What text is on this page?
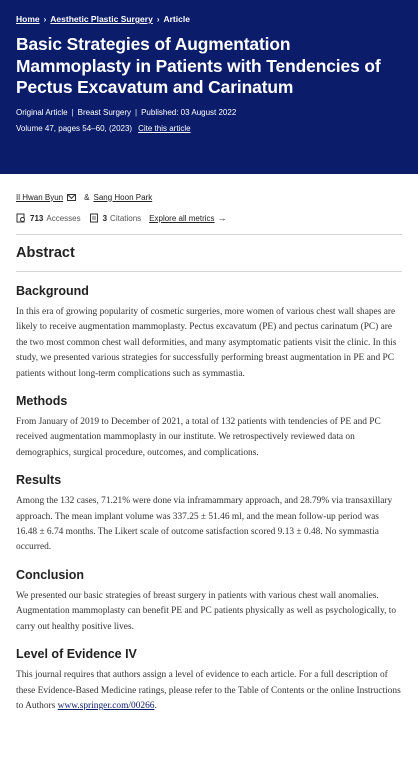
Home › Aesthetic Plastic Surgery › Article
Basic Strategies of Augmentation Mammoplasty in Patients with Tendencies of Pectus Excavatum and Carinatum
Original Article | Breast Surgery | Published: 03 August 2022
Volume 47, pages 54–60, (2023) Cite this article
Il Hwan Byun	& Sang Hoon Park
713 Accesses	3 Citations Explore all metrics →
Abstract
Background

In this era of growing popularity of cosmetic surgeries, more women of various chest wall shapes are likely to receive augmentation mammoplasty. Pectus excavatum (PE) and pectus carinatum (PC) are the two most common chest wall deformities, and many asymptomatic patients visit the clinic. In this study, we presented various strategies for successfully performing breast augmentation in PE and PC patients without long-term complications such as symmastia.

Methods

From January of 2019 to December of 2021, a total of 132 patients with tendencies of PE and PC received augmentation mammoplasty in our institute. We retrospectively reviewed data on demographics, surgical procedure, outcomes, and complications.

Results

Among the 132 cases, 71.21% were done via inframammary approach, and 28.79% via transaxillary approach. The mean implant volume was 337.25 ± 51.46 ml, and the mean follow-up period was 16.48 ± 6.74 months. The Likert scale of outcome satisfaction scored 9.13 ± 0.48. No symmastia occurred.

Conclusion

We presented our basic strategies of breast surgery in patients with various chest wall anomalies. Augmentation mammoplasty can benefit PE and PC patients physically as well as psychologically, to carry out healthy positive lives.

Level of Evidence IV

This journal requires that authors assign a level of evidence to each article. For a full description of these Evidence-Based Medicine ratings, please refer to the Table of Contents or the online Instructions to Authors www.springer.com/00266.
